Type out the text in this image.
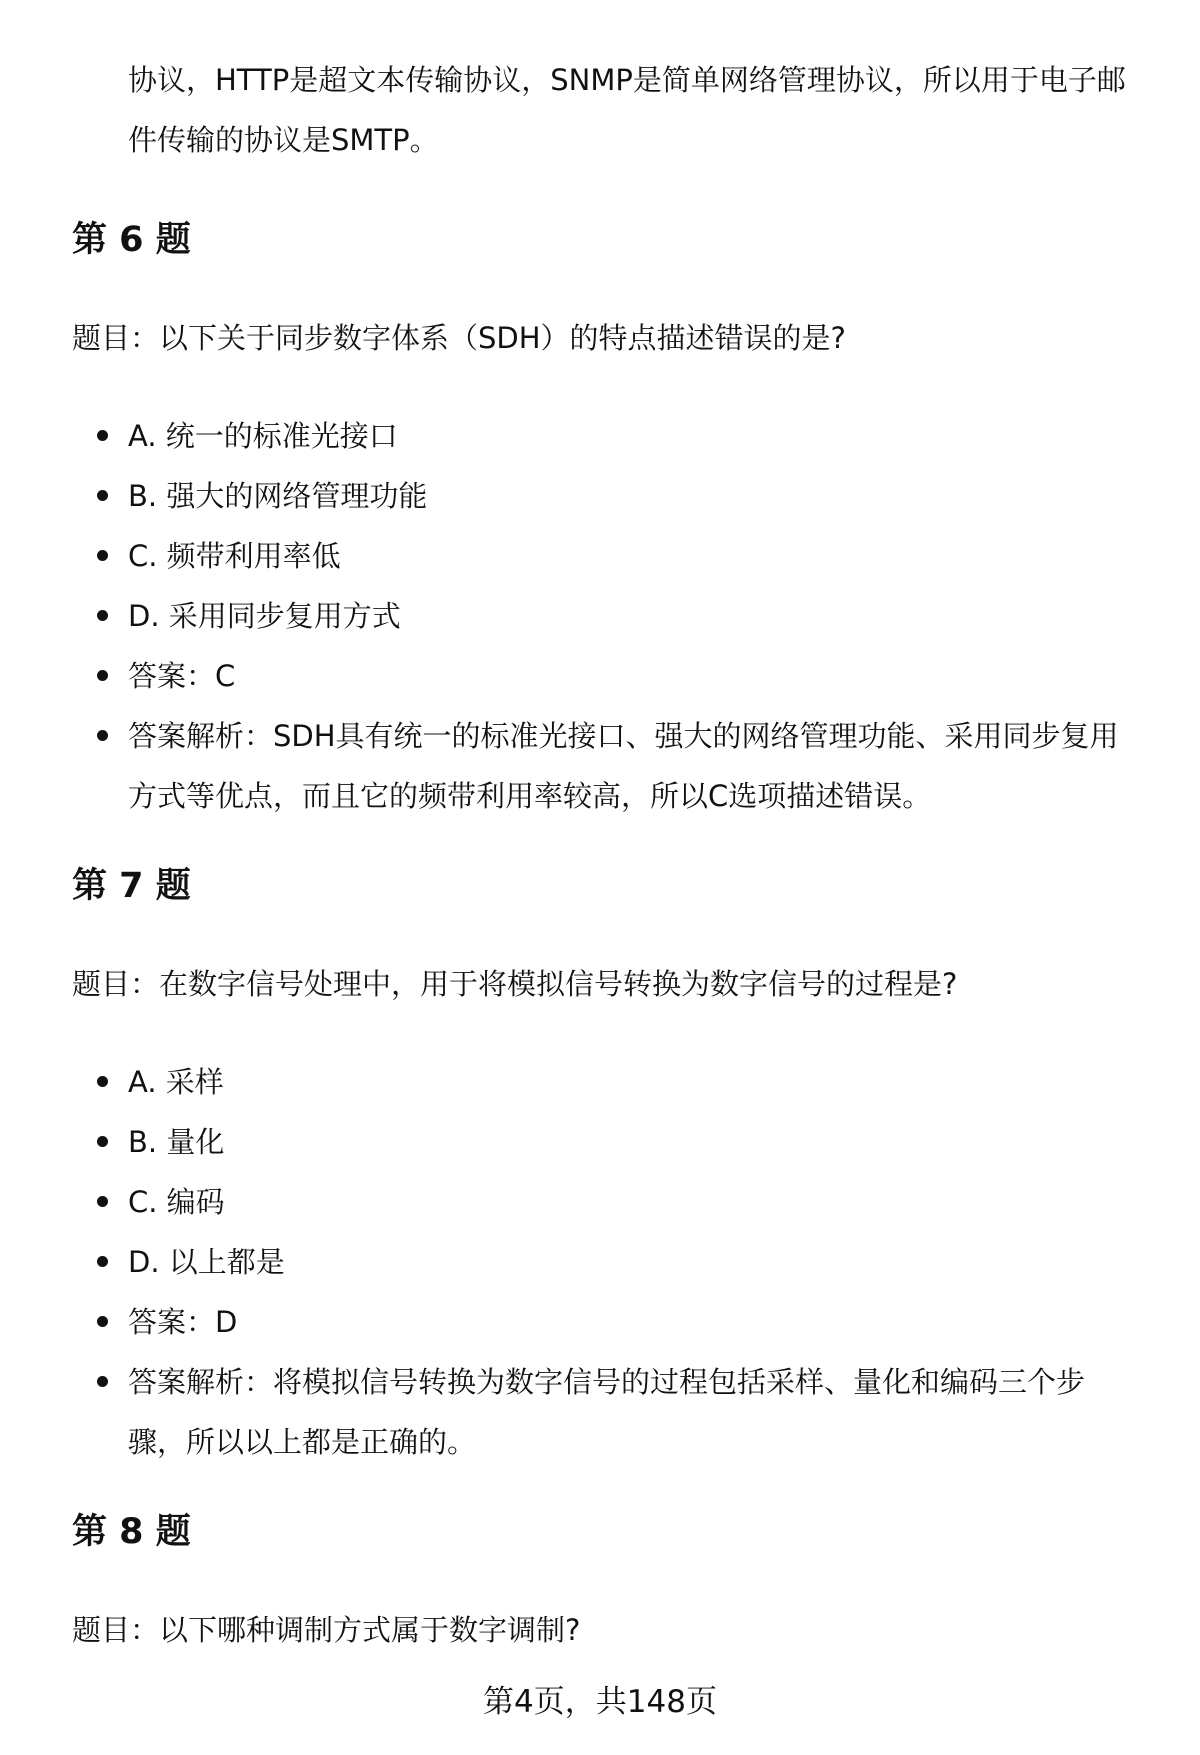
协议，HTTP是超文本传输协议，SNMP是简单网络管理协议，所以用于电子邮
件传输的协议是SMTP。
第 6 题
题目：以下关于同步数字体系（SDH）的特点描述错误的是?
A. 统一的标准光接口
B. 强大的网络管理功能
C. 频带利用率低
D. 采用同步复用方式
答案：C
答案解析：SDH具有统一的标准光接口、强大的网络管理功能、采用同步复用
方式等优点，而且它的频带利用率较高，所以C选项描述错误。
第 7 题
题目：在数字信号处理中，用于将模拟信号转换为数字信号的过程是?
A. 采样
B. 量化
C. 编码
D. 以上都是
答案：D
答案解析：将模拟信号转换为数字信号的过程包括采样、量化和编码三个步
骤，所以以上都是正确的。
第 8 题
题目：以下哪种调制方式属于数字调制?
第4页，共148页
